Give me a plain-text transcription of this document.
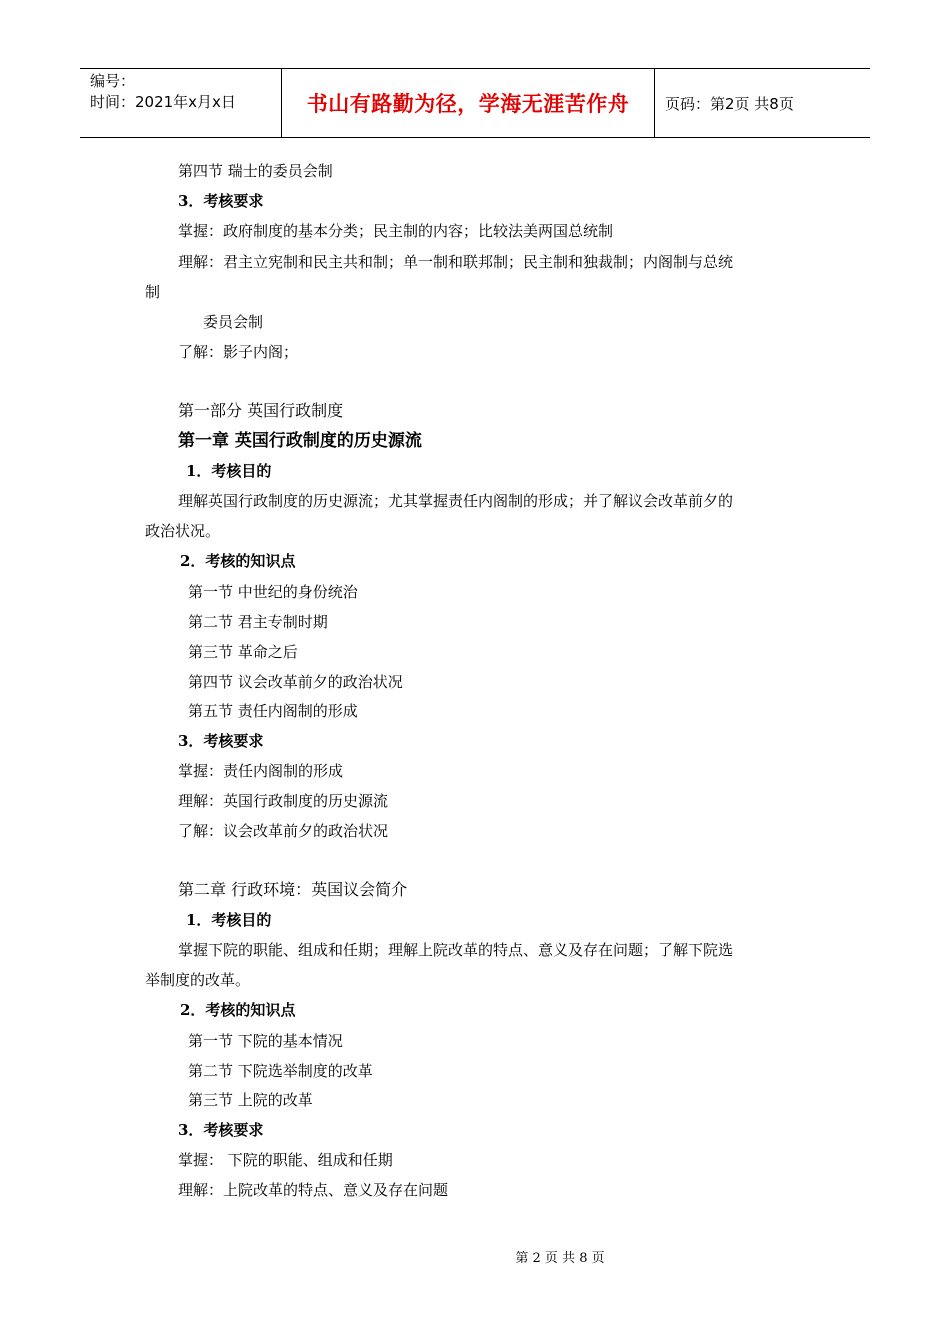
编号：
时间：2021年x月x日	书山有路勤为径，学海无涯苦作舟 页码：第2页 共8页
第四节 瑞士的委员会制
3．考核要求
掌握：政府制度的基本分类；民主制的内容；比较法美两国总统制
理解：君主立宪制和民主共和制；单一制和联邦制；民主制和独裁制；内阁制与总统
制
委员会制
了解：影子内阁；
第一部分 英国行政制度
第一章 英国行政制度的历史源流
1．考核目的
理解英国行政制度的历史源流；尤其掌握责任内阁制的形成；并了解议会改革前夕的
政治状况。
2．考核的知识点
第一节 中世纪的身份统治
第二节 君主专制时期
第三节 革命之后
第四节 议会改革前夕的政治状况
第五节 责任内阁制的形成
3．考核要求
掌握：责任内阁制的形成
理解：英国行政制度的历史源流
了解：议会改革前夕的政治状况
第二章 行政环境：英国议会简介
1．考核目的
掌握下院的职能、组成和任期；理解上院改革的特点、意义及存在问题；了解下院选
举制度的改革。
2．考核的知识点
第一节 下院的基本情况
第二节 下院选举制度的改革
第三节 上院的改革
3．考核要求
掌握： 下院的职能、组成和任期
理解：上院改革的特点、意义及存在问题
第 2 页 共 8 页
